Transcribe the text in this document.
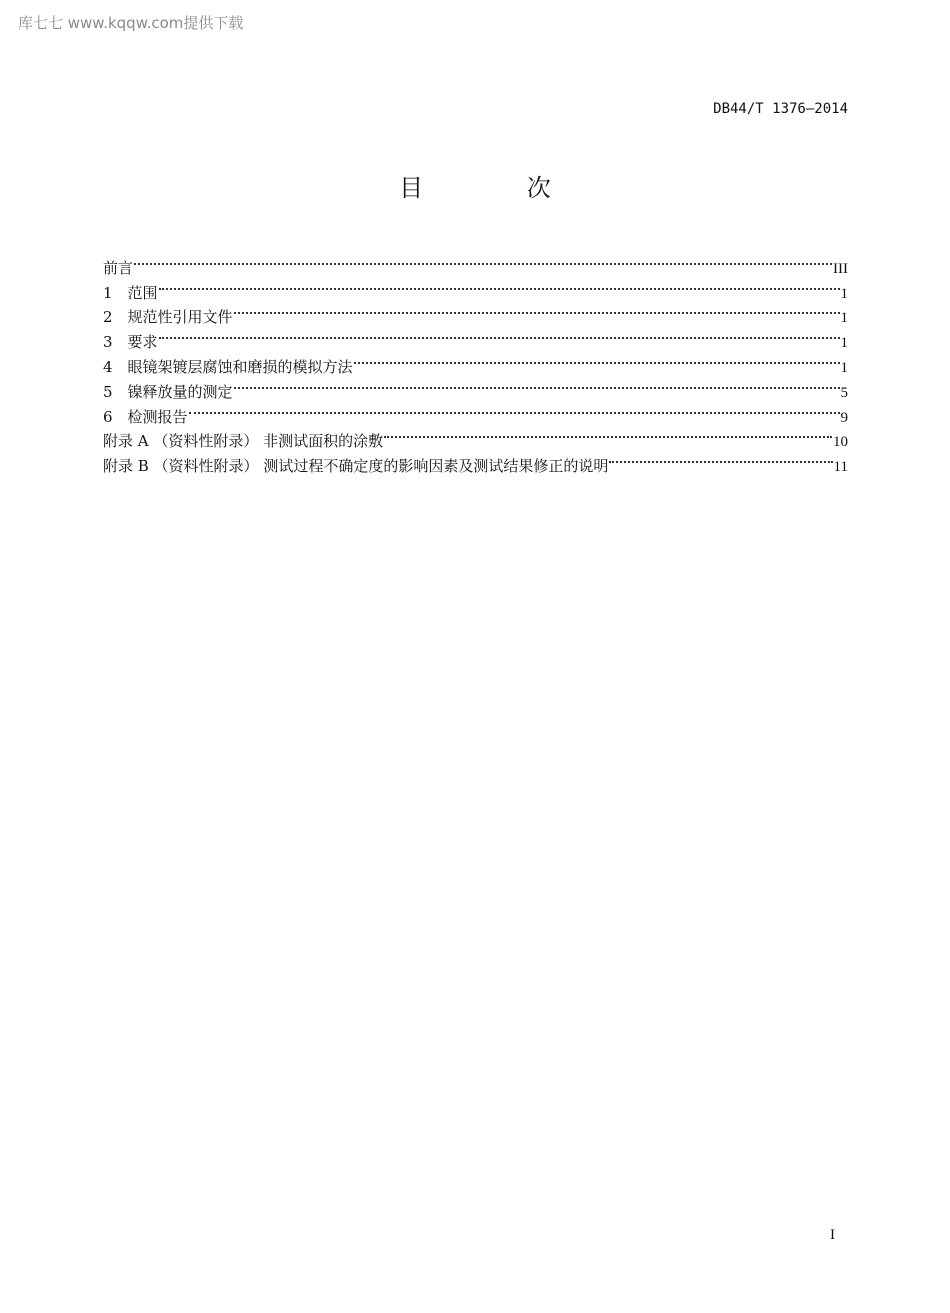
库七七 www.kqqw.com提供下载
DB44/T 1376—2014
目 次
前言	III
1　范围	1
2　规范性引用文件	1
3　要求	1
4　眼镜架镀层腐蚀和磨损的模拟方法	1
5　镍释放量的测定	5
6　检测报告	9
附录 A （资料性附录） 非测试面积的涂敷	10
附录 B （资料性附录） 测试过程不确定度的影响因素及测试结果修正的说明	11
I
